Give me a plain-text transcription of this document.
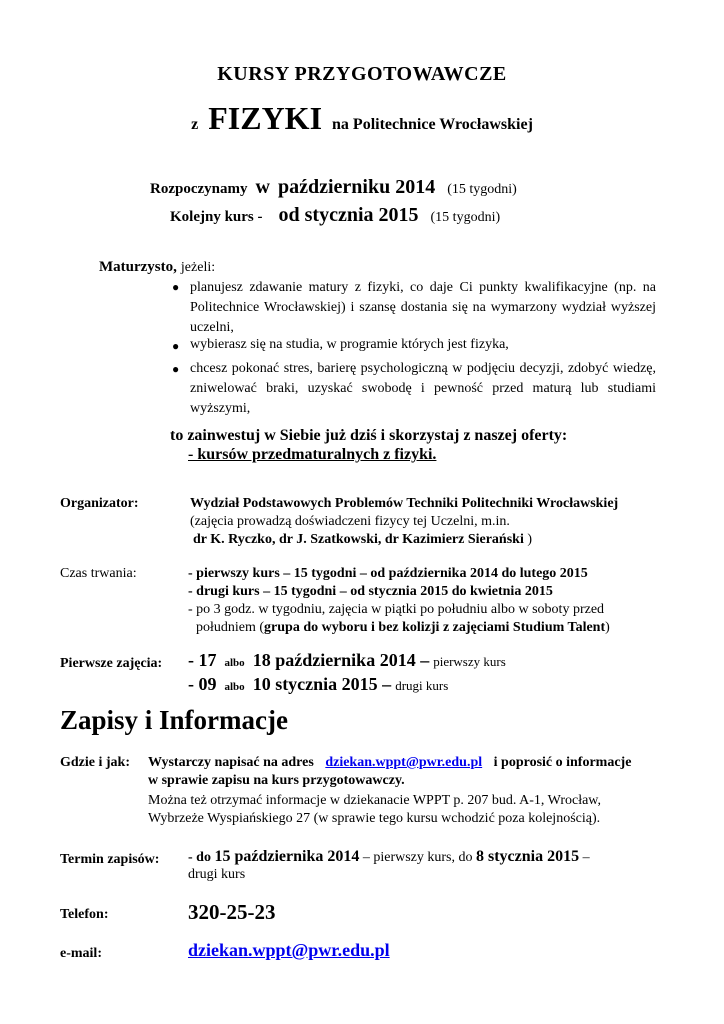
KURSY PRZYGOTOWAWCZE
z FIZYKI na Politechnice Wrocławskiej
Rozpoczynamy w październiku 2014 (15 tygodni)
Kolejny kurs - od stycznia 2015 (15 tygodni)
Maturzysto, jeżeli:
● planujesz zdawanie matury z fizyki, co daje Ci punkty kwalifikacyjne (np. na Politechnice Wrocławskiej) i szansę dostania się na wymarzony wydział wyższej uczelni,
● wybierasz się na studia, w programie których jest fizyka,
● chcesz pokonać stres, barierę psychologiczną w podjęciu decyzji, zdobyć wiedzę, zniwelować braki, uzyskać swobodę i pewność przed maturą lub studiami wyższymi,
to zainwestuj w Siebie już dziś i skorzystaj z naszej oferty:
- kursów przedmaturalnych z fizyki.
Organizator:	Wydział Podstawowych Problemów Techniki Politechniki Wrocławskiej
(zajęcia prowadzą doświadczeni fizycy tej Uczelni, m.in.
dr K. Ryczko, dr J. Szatkowski, dr Kazimierz Sierański )
Czas trwania:	- pierwszy kurs – 15 tygodni – od października 2014 do lutego 2015
- drugi kurs – 15 tygodni – od stycznia 2015 do kwietnia 2015
- po 3 godz. w tygodniu, zajęcia w piątki po południu albo w soboty przed
południem (grupa do wyboru i bez kolizji z zajęciami Studium Talent)
Pierwsze zajęcia: - 17 albo 18 października 2014 – pierwszy kurs
- 09 albo 10 stycznia 2015 – drugi kurs
Zapisy i Informacje
Gdzie i jak: Wystarczy napisać na adres dziekan.wppt@pwr.edu.pl i poprosić o informacje
w sprawie zapisu na kurs przygotowawczy.
Można też otrzymać informacje w dziekanacie WPPT p. 207 bud. A-1, Wrocław,
Wybrzeże Wyspiańskiego 27 (w sprawie tego kursu wchodzić poza kolejnością).
Termin zapisów: - do 15 października 2014 – pierwszy kurs, do 8 stycznia 2015 –
drugi kurs
Telefon:	320-25-23
e-mail:	dziekan.wppt@pwr.edu.pl
